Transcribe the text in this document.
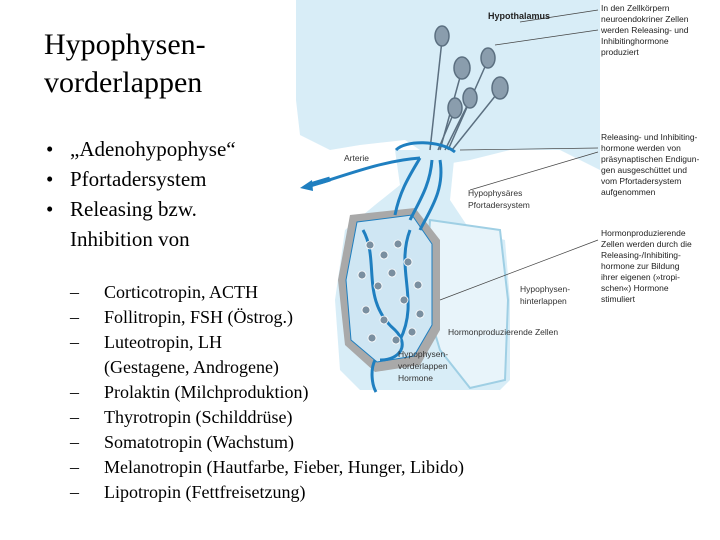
Hypothalamus
Arterie
Hypophysäres
Pfortadersystem
Hypophysen-
hinterlappen
Hormonproduzierende Zellen
Hypophysen-
vorderlappen
Hormone
In den Zellkörpern
neuroendokriner Zellen
werden Releasing- und
Inhibitinghormone
produziert
Releasing- und Inhibiting-
hormone werden von
präsynaptischen Endigun-
gen ausgeschüttet und
vom Pfortadersystem
aufgenommen
Hormonproduzierende
Zellen werden durch die
Releasing-/Inhibiting-
hormone zur Bildung
ihrer eigenen (»tropi-
schen«) Hormone
stimuliert
Hypophysen-
vorderlappen
• „Adenohypophyse“
• Pfortadersystem
• Releasing bzw.
Inhibition von
– Corticotropin, ACTH
– Follitropin, FSH (Östrog.)
– Luteotropin, LH
(Gestagene, Androgene)
– Prolaktin (Milchproduktion)
– Thyrotropin (Schilddrüse)
– Somatotropin (Wachstum)
– Melanotropin (Hautfarbe, Fieber, Hunger, Libido)
– Lipotropin (Fettfreisetzung)
